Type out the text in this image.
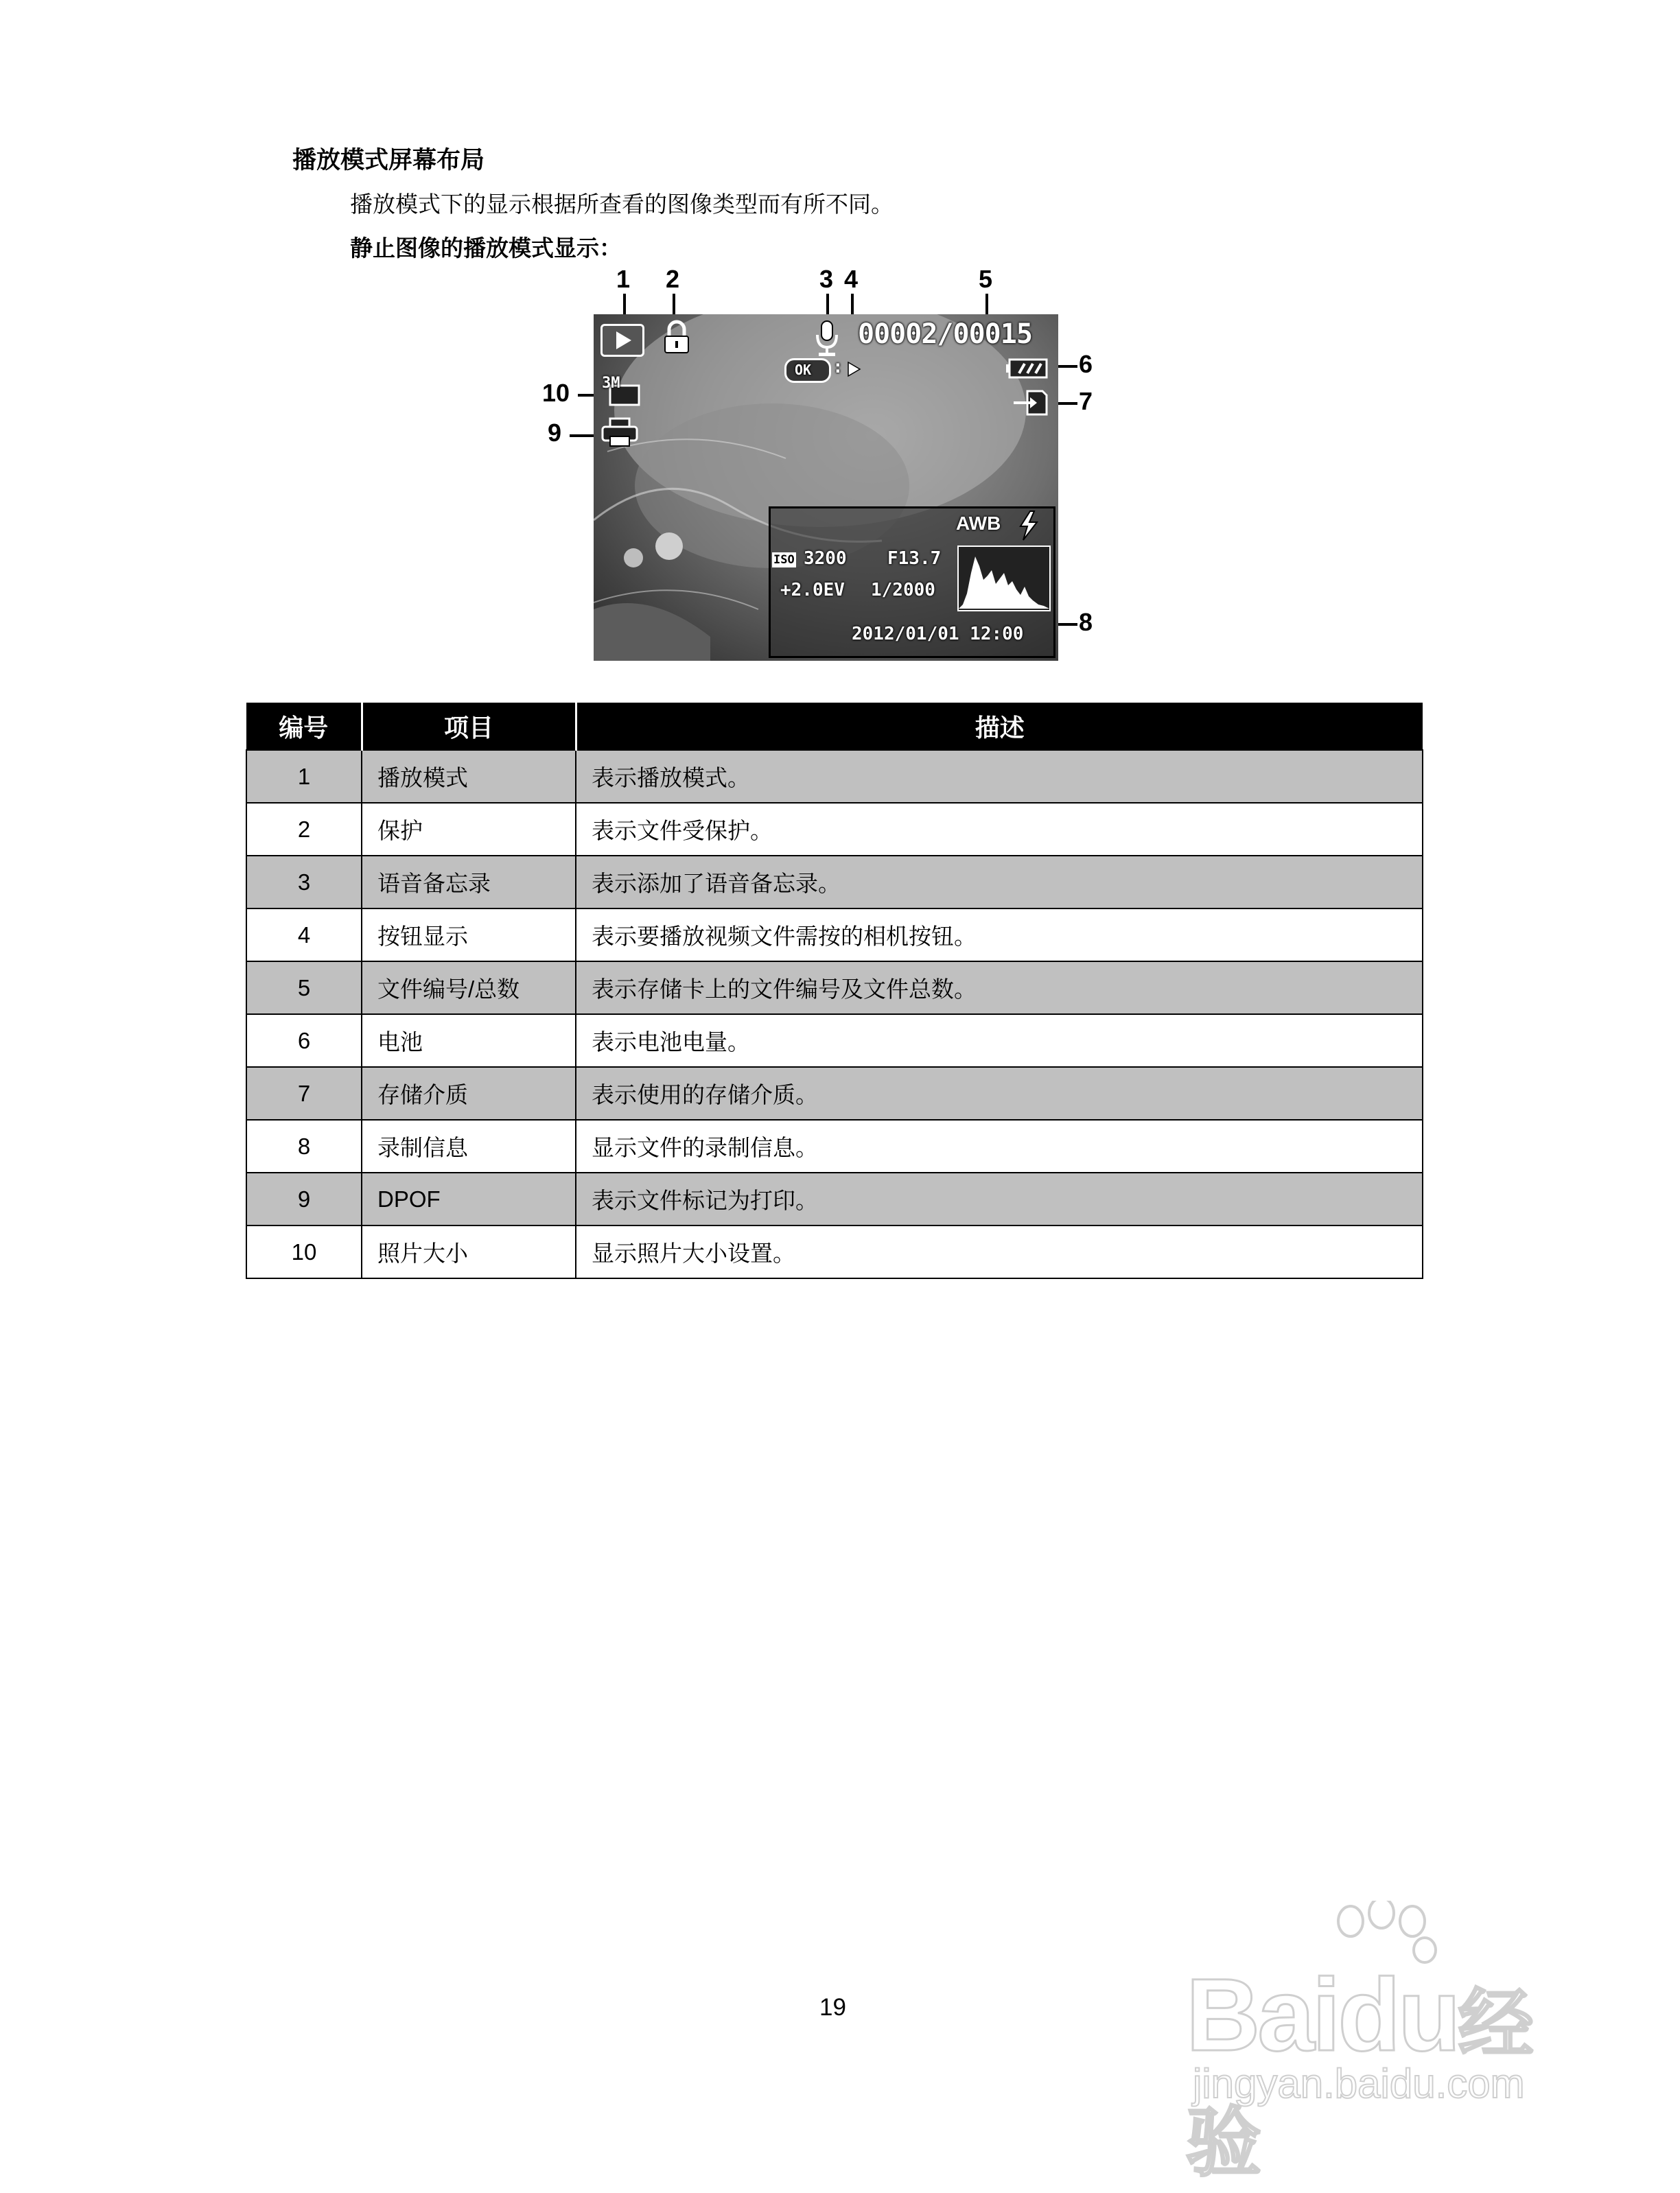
播放模式屏幕布局
播放模式下的显示根据所查看的图像类型而有所不同。
静止图像的播放模式显示：
1 2	3 4	5
6
7
8
9
10
00002/00015
OK :
3M
AWB
ISO 3200 F13.7
+2.0EV 1/2000
2012/01/01 12:00
编号	项目	描述
1	播放模式	表示播放模式。
2	保护	表示文件受保护。
3	语音备忘录	表示添加了语音备忘录。
4	按钮显示	表示要播放视频文件需按的相机按钮。
5	文件编号/总数	表示存储卡上的文件编号及文件总数。
6	电池	表示电池电量。
7	存储介质	表示使用的存储介质。
8	录制信息	显示文件的录制信息。
9	DPOF	表示文件标记为打印。
10	照片大小	显示照片大小设置。
19	Baidu经验
jingyan.baidu.com
